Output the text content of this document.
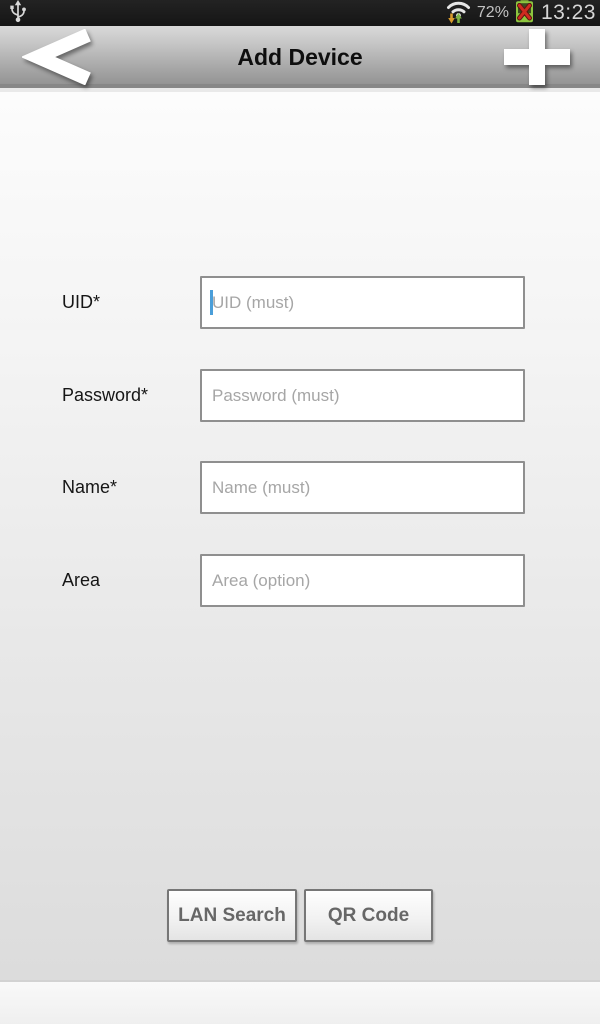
72% 13:23
Add Device
UID*
UID (must)
Password*
Password (must)
Name*
Name (must)
Area
Area (option)
LAN Search	QR Code
